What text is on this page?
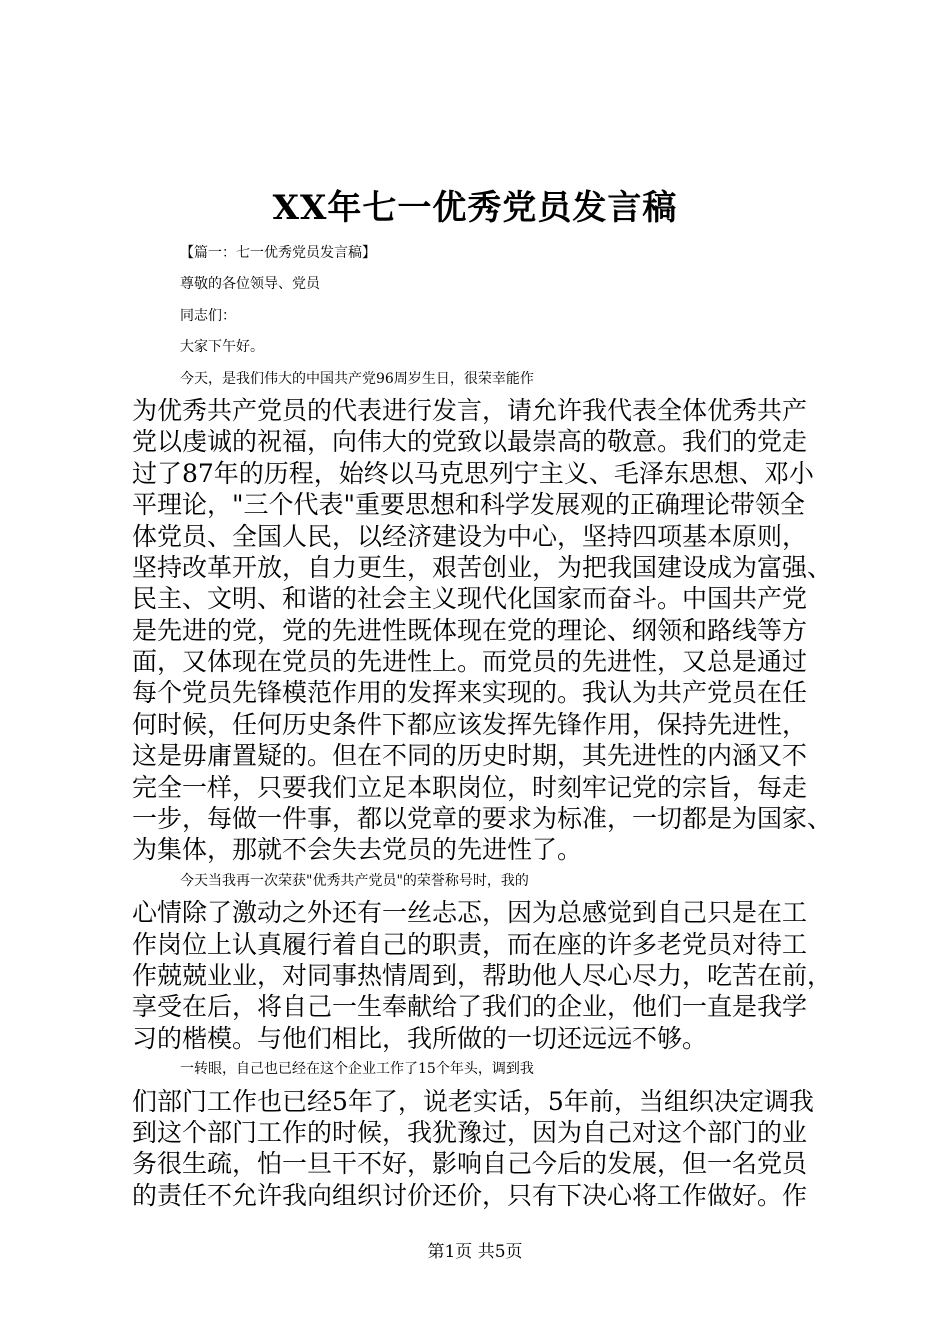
XX年七一优秀党员发言稿
【篇一：七一优秀党员发言稿】
尊敬的各位领导、党员
同志们：
大家下午好。
今天，是我们伟大的中国共产党96周岁生日，很荣幸能作
为优秀共产党员的代表进行发言，请允许我代表全体优秀共产
党以虔诚的祝福，向伟大的党致以最崇高的敬意。我们的党走
过了87年的历程，始终以马克思列宁主义、毛泽东思想、邓小
平理论，"三个代表"重要思想和科学发展观的正确理论带领全
体党员、全国人民，以经济建设为中心，坚持四项基本原则，
坚持改革开放，自力更生，艰苦创业，为把我国建设成为富强、
民主、文明、和谐的社会主义现代化国家而奋斗。中国共产党
是先进的党，党的先进性既体现在党的理论、纲领和路线等方
面，又体现在党员的先进性上。而党员的先进性，又总是通过
每个党员先锋模范作用的发挥来实现的。我认为共产党员在任
何时候，任何历史条件下都应该发挥先锋作用，保持先进性，
这是毋庸置疑的。但在不同的历史时期，其先进性的内涵又不
完全一样，只要我们立足本职岗位，时刻牢记党的宗旨，每走
一步，每做一件事，都以党章的要求为标准，一切都是为国家、
为集体，那就不会失去党员的先进性了。
今天当我再一次荣获"优秀共产党员"的荣誉称号时，我的
心情除了激动之外还有一丝忐忑，因为总感觉到自己只是在工
作岗位上认真履行着自己的职责，而在座的许多老党员对待工
作兢兢业业，对同事热情周到，帮助他人尽心尽力，吃苦在前，
享受在后，将自己一生奉献给了我们的企业，他们一直是我学
习的楷模。与他们相比，我所做的一切还远远不够。
一转眼，自己也已经在这个企业工作了15个年头，调到我
们部门工作也已经5年了，说老实话，5年前，当组织决定调我
到这个部门工作的时候，我犹豫过，因为自己对这个部门的业
务很生疏，怕一旦干不好，影响自己今后的发展，但一名党员
的责任不允许我向组织讨价还价，只有下决心将工作做好。作
第1页 共5页
